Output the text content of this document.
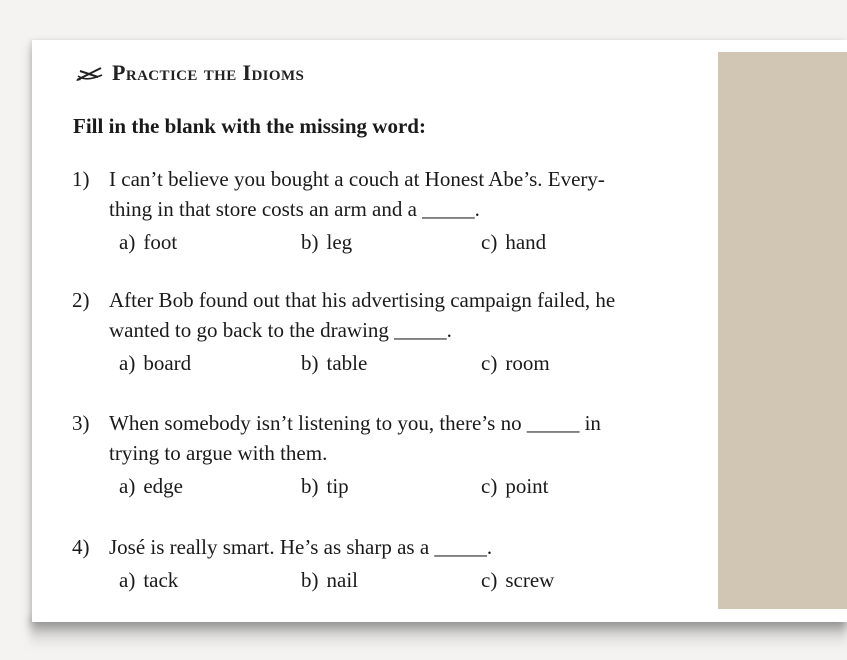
Practice the Idioms
Fill in the blank with the missing word:
1) I can’t believe you bought a couch at Honest Abe’s. Every-
thing in that store costs an arm and a _____.
a) foot	b) leg	c) hand
2) After Bob found out that his advertising campaign failed, he
wanted to go back to the drawing _____.
a) board	b) table	c) room
3) When somebody isn’t listening to you, there’s no _____ in
trying to argue with them.
a) edge	b) tip	c) point
4) José is really smart. He’s as sharp as a _____.
a) tack	b) nail	c) screw
